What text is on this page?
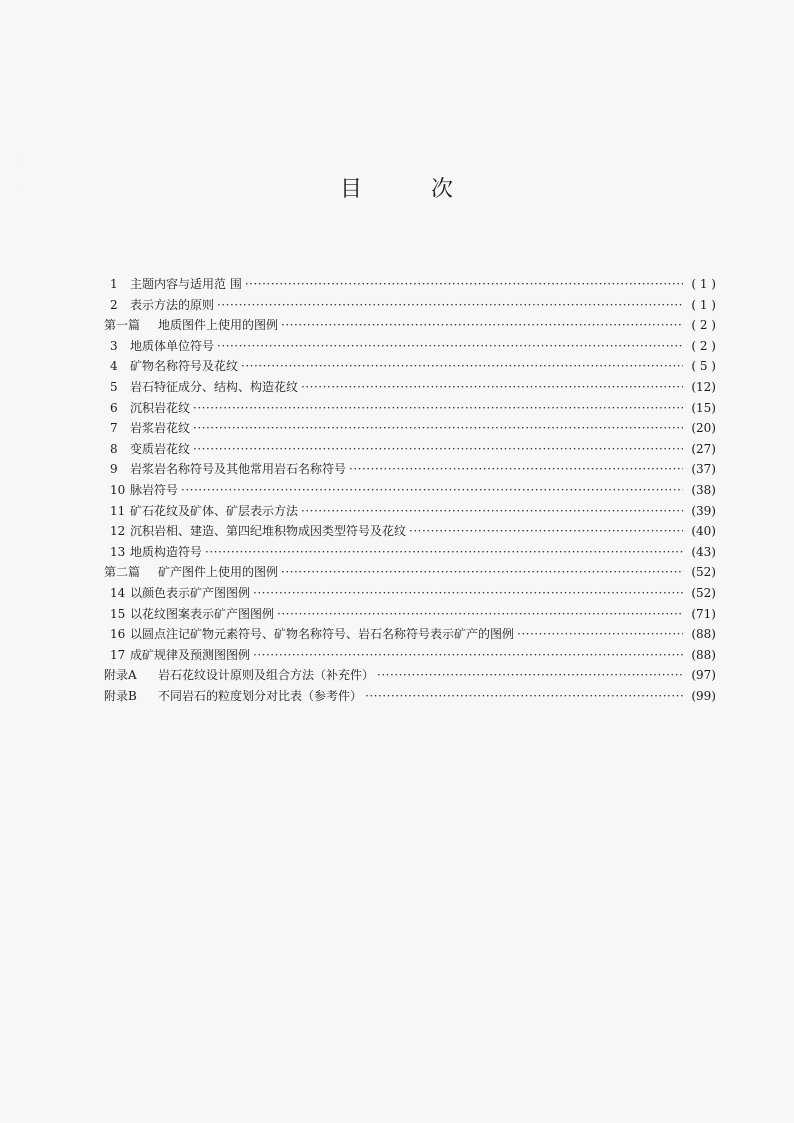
·

·

·	目	次
1	主题内容与适用范 围 ·····	( 1 )
2	表示方法的原则 ·····	( 1 )
第一篇	地质图件上使用的图例 ·····	( 2 )
3	地质体单位符号 ·····	( 2 )
4	矿物名称符号及花纹 ·····	( 5 )
5	岩石特征成分、结构、构造花纹 ·····	(12)
6	沉积岩花纹 ·····	(15)
7	岩浆岩花纹 ·····	(20)
8	变质岩花纹 ·····	(27)
9	岩浆岩名称符号及其他常用岩石名称符号 ·····	(37)
10 脉岩符号 ·····	(38)
11 矿石花纹及矿体、矿层表示方法 ·····	(39)
12 沉积岩相、建造、第四纪堆积物成因类型符号及花纹 ·····	(40)
13 地质构造符号 ·····	(43)
第二篇	矿产图件上使用的图例 ·····	(52)
14 以颜色表示矿产图图例 ·····	(52)
15 以花纹图案表示矿产图图例 ·····	(71)
16 以圆点注记矿物元素符号、矿物名称符号、岩石名称符号表示矿产的图例 ·····	(88)
17 成矿规律及预测图图例 ·····	(88)
附录A	岩石花纹设计原则及组合方法（补充件） ·····	(97)
附录B	不同岩石的粒度划分对比表（参考件） ·····	(99)
